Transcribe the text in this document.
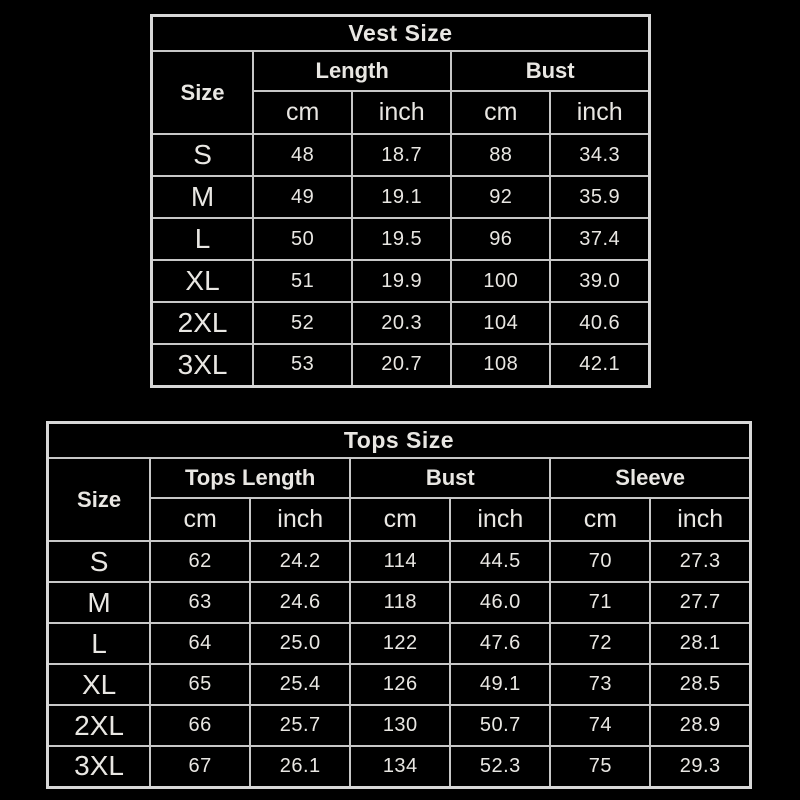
Vest Size				
Size	Length		Bust	
	cm	inch	cm	inch
S	48	18.7	88	34.3
M	49	19.1	92	35.9
L	50	19.5	96	37.4
XL	51	19.9	100	39.0
2XL	52	20.3	104	40.6
3XL	53	20.7	108	42.1
Tops Size						
Size	Tops Length		Bust		Sleeve	
	cm	inch	cm	inch	cm	inch
S	62	24.2	114	44.5	70	27.3
M	63	24.6	118	46.0	71	27.7
L	64	25.0	122	47.6	72	28.1
XL	65	25.4	126	49.1	73	28.5
2XL	66	25.7	130	50.7	74	28.9
3XL	67	26.1	134	52.3	75	29.3
